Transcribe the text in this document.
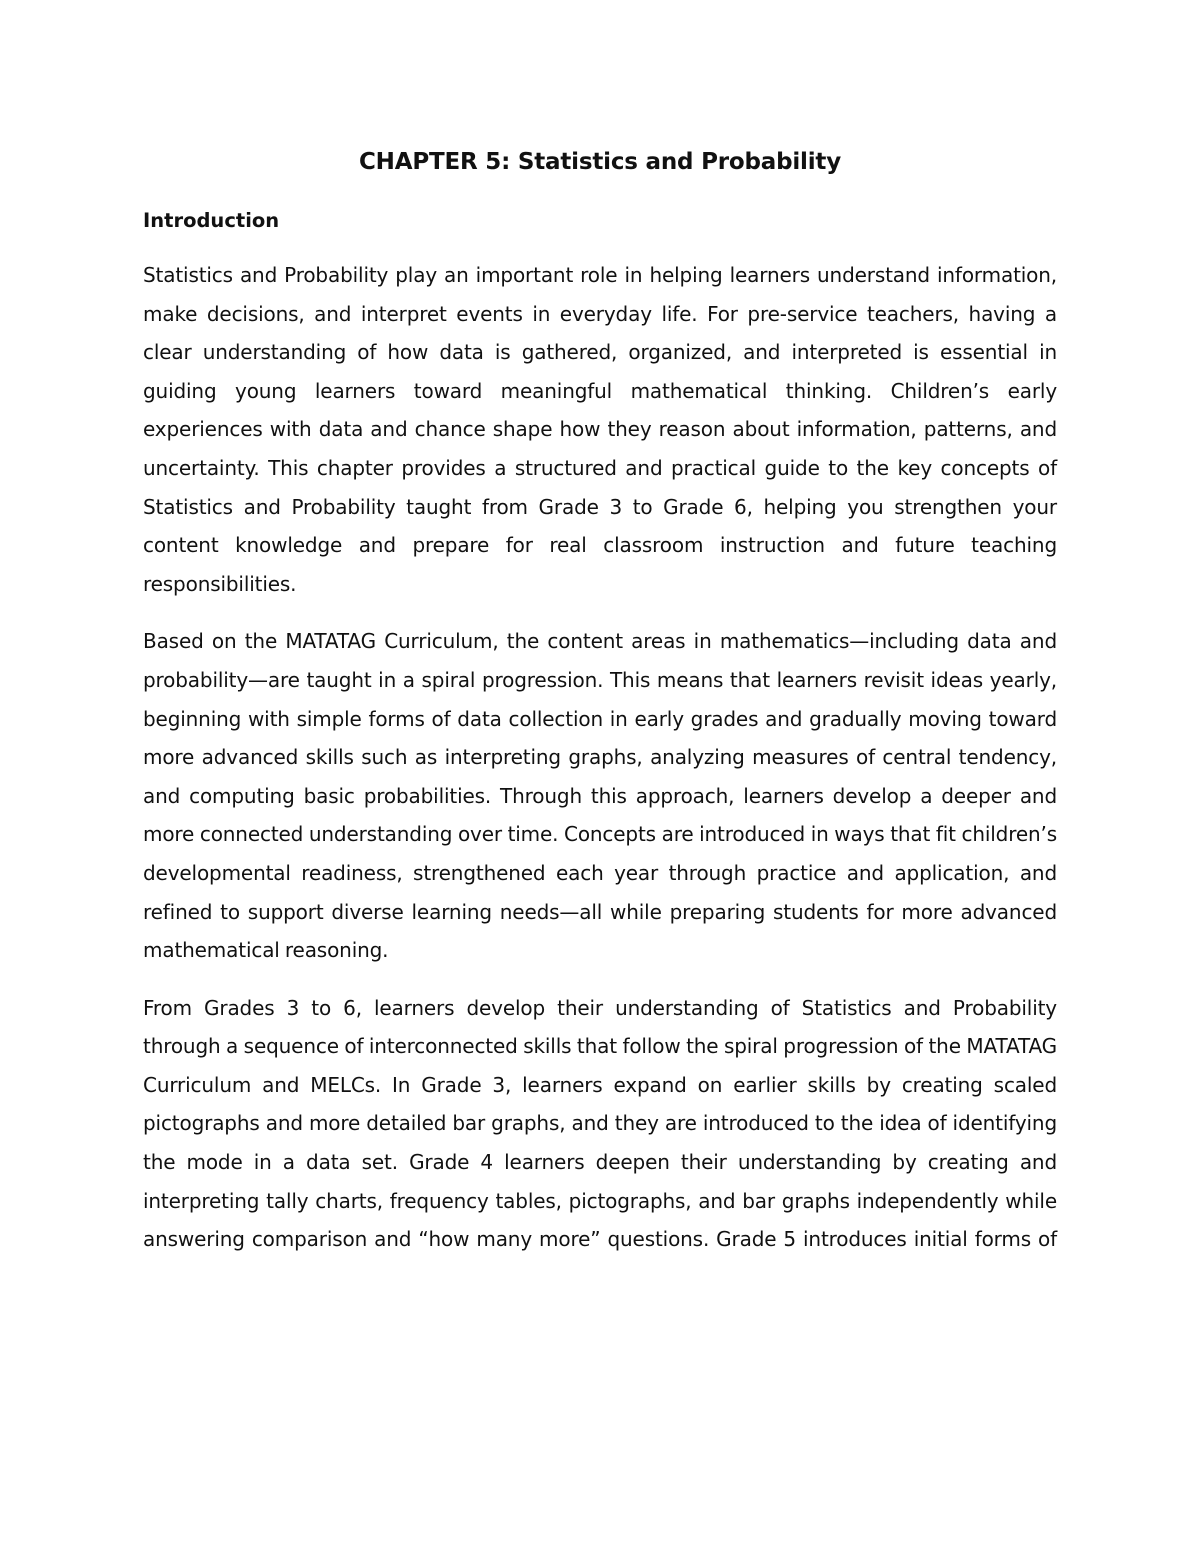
CHAPTER 5: Statistics and Probability
Introduction

Statistics and Probability play an important role in helping learners understand information, make decisions, and interpret events in everyday life. For pre-service teachers, having a clear understanding of how data is gathered, organized, and interpreted is essential in guiding young learners toward meaningful mathematical thinking. Children’s early experiences with data and chance shape how they reason about information, patterns, and uncertainty. This chapter provides a structured and practical guide to the key concepts of Statistics and Probability taught from Grade 3 to Grade 6, helping you strengthen your content knowledge and prepare for real classroom instruction and future teaching responsibilities.

Based on the MATATAG Curriculum, the content areas in mathematics—including data and probability—are taught in a spiral progression. This means that learners revisit ideas yearly, beginning with simple forms of data collection in early grades and gradually moving toward more advanced skills such as interpreting graphs, analyzing measures of central tendency, and computing basic probabilities. Through this approach, learners develop a deeper and more connected understanding over time. Concepts are introduced in ways that fit children’s developmental readiness, strengthened each year through practice and application, and refined to support diverse learning needs—all while preparing students for more advanced mathematical reasoning.

From Grades 3 to 6, learners develop their understanding of Statistics and Probability through a sequence of interconnected skills that follow the spiral progression of the MATATAG Curriculum and MELCs. In Grade 3, learners expand on earlier skills by creating scaled pictographs and more detailed bar graphs, and they are introduced to the idea of identifying the mode in a data set. Grade 4 learners deepen their understanding by creating and interpreting tally charts, frequency tables, pictographs, and bar graphs independently while answering comparison and “how many more” questions. Grade 5 introduces initial forms of
